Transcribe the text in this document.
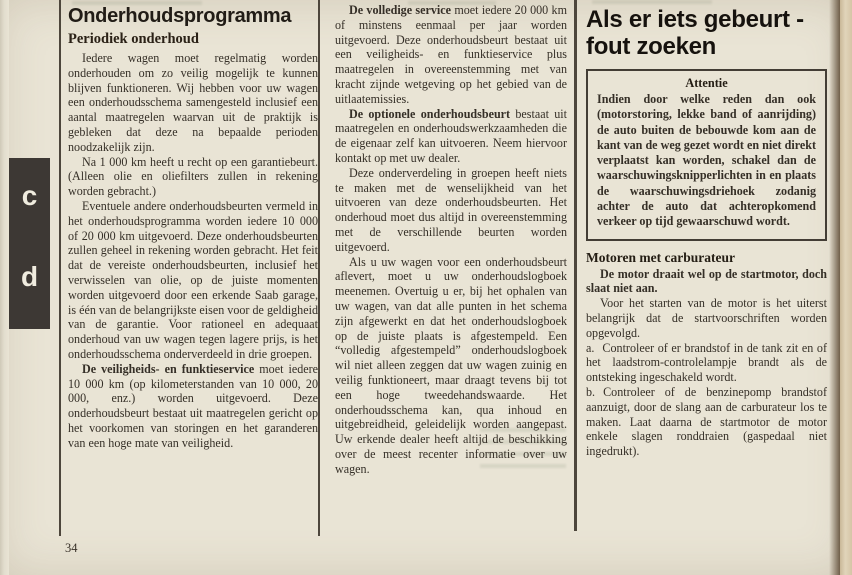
c
d
Onderhoudsprogramma
Periodiek onderhoud

Iedere wagen moet regelmatig worden onderhouden om zo veilig mogelijk te kunnen blijven funktioneren. Wij hebben voor uw wagen een onderhoudsschema samengesteld inclusief een aantal maatregelen waarvan uit de praktijk is gebleken dat deze na bepaalde perioden noodzakelijk zijn.

Na 1 000 km heeft u recht op een garantiebeurt. (Alleen olie en oliefilters zullen in rekening worden gebracht.)

Eventuele andere onderhoudsbeurten vermeld in het onderhoudsprogramma worden iedere 10 000 of 20 000 km uitgevoerd. Deze onderhoudsbeurten zullen geheel in rekening worden gebracht. Het feit dat de vereiste onderhoudsbeurten, inclusief het verwisselen van olie, op de juiste momenten worden uitgevoerd door een erkende Saab garage, is één van de belangrijkste eisen voor de geldigheid van de garantie. Voor rationeel en adequaat onderhoud van uw wagen tegen lagere prijs, is het onderhoudsschema onderverdeeld in drie groepen.

De veiligheids- en funktieservice moet iedere 10 000 km (op kilometerstanden van 10 000, 20 000, enz.) worden uitgevoerd. Deze onderhoudsbeurt bestaat uit maatregelen gericht op het voorkomen van storingen en het garanderen van een hoge mate van veiligheid.

De volledige service moet iedere 20 000 km of minstens eenmaal per jaar worden uitgevoerd. Deze onderhoudsbeurt bestaat uit een veiligheids- en funktieservice plus maatregelen in overeenstemming met van kracht zijnde wetgeving op het gebied van de uitlaatemissies.

De optionele onderhoudsbeurt bestaat uit maatregelen en onderhoudswerkzaamheden die de eigenaar zelf kan uitvoeren. Neem hiervoor kontakt op met uw dealer.

Deze onderverdeling in groepen heeft niets te maken met de wenselijkheid van het uitvoeren van deze onderhoudsbeurten. Het onderhoud moet dus altijd in overeenstemming met de verschillende beurten worden uitgevoerd.

Als u uw wagen voor een onderhoudsbeurt aflevert, moet u uw onderhoudslogboek meenemen. Overtuig u er, bij het ophalen van uw wagen, van dat alle punten in het schema zijn afgewerkt en dat het onderhoudslogboek op de juiste plaats is afgestempeld. Een “volledig afgestempeld” onderhoudslogboek wil niet alleen zeggen dat uw wagen zuinig en veilig funktioneert, maar draagt tevens bij tot een hoge tweedehandswaarde. Het onderhoudsschema kan, qua inhoud en uitgebreidheid, geleidelijk worden aangepast. Uw erkende dealer heeft altijd de beschikking over de meest recenter informatie over uw wagen.

Als er iets gebeurt -
fout zoeken
Attentie

Indien door welke reden dan ook (motorstoring, lekke band of aanrijding) de auto buiten de bebouwde kom aan de kant van de weg gezet wordt en niet direkt verplaatst kan worden, schakel dan de waarschuwingsknipperlichten in en plaats de waarschuwingsdriehoek zodanig achter de auto dat achteropkomend verkeer op tijd gewaarschuwd wordt.

Motoren met carburateur

De motor draait wel op de startmotor, doch slaat niet aan.

Voor het starten van de motor is het uiterst belangrijk dat de startvoorschriften worden opgevolgd.

a. Controleer of er brandstof in de tank zit en of het laadstrom-controlelampje brandt als de ontsteking ingeschakeld wordt.

b. Controleer of de benzinepomp brandstof aanzuigt, door de slang aan de carburateur los te maken. Laat daarna de startmotor de motor enkele slagen ronddraien (gaspedaal niet ingedrukt).

34
